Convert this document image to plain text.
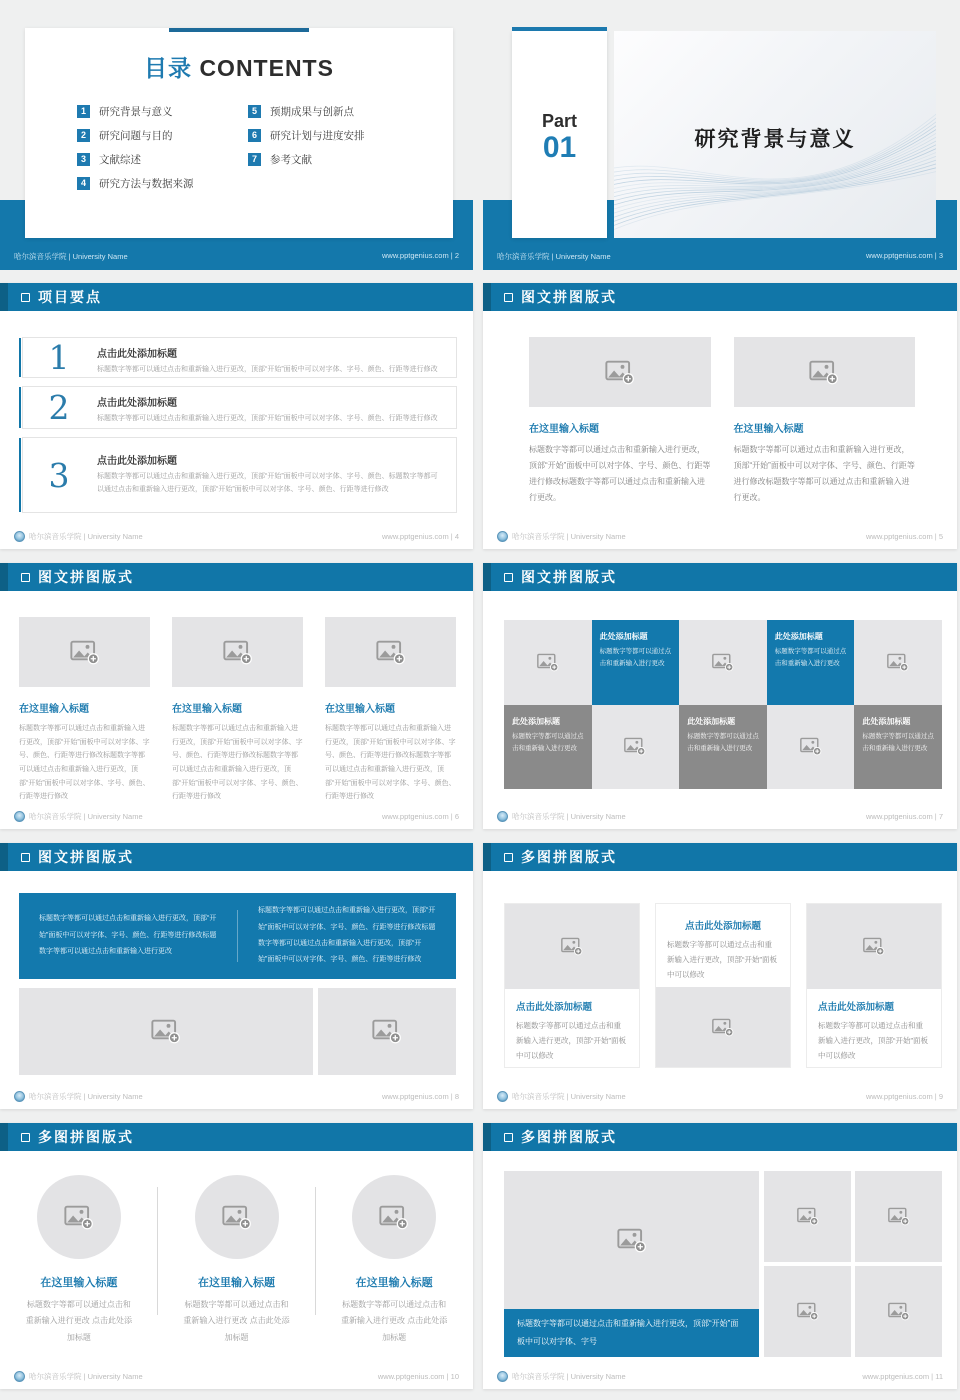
哈尔滨音乐学院 | University Name	www.pptgenius.com | 2
目录 CONTENTS
1	研究背景与意义
2	研究问题与目的
3	文献综述
4	研究方法与数据来源
5	预期成果与创新点
6	研究计划与进度安排
7	参考文献
哈尔滨音乐学院 | University Name	www.pptgenius.com | 3
Part
01	研究背景与意义
项目要点
1	点击此处添加标题
标题数字等都可以通过点击和重新输入进行更改，顶部“开始”面板中可以对字体、字号、颜色、行距等进行修改
2	点击此处添加标题
标题数字等都可以通过点击和重新输入进行更改，顶部“开始”面板中可以对字体、字号、颜色、行距等进行修改
3	点击此处添加标题
标题数字等都可以通过点击和重新输入进行更改，顶部“开始”面板中可以对字体、字号、颜色、标题数字等都可以通过点击和重新输入进行更改，顶部“开始”面板中可以对字体、字号、颜色、行距等进行修改
哈尔滨音乐学院 | University Name	www.pptgenius.com | 4
图文拼图版式
在这里输入标题
标题数字等都可以通过点击和重新输入进行更改，顶部“开始”面板中可以对字体、字号、颜色、行距等进行修改标题数字等都可以通过点击和重新输入进行更改。
在这里输入标题
标题数字等都可以通过点击和重新输入进行更改，顶部“开始”面板中可以对字体、字号、颜色、行距等进行修改标题数字等都可以通过点击和重新输入进行更改。
哈尔滨音乐学院 | University Name	www.pptgenius.com | 5
图文拼图版式
在这里输入标题
标题数字等都可以通过点击和重新输入进行更改，顶部“开始”面板中可以对字体、字号、颜色、行距等进行修改标题数字等都可以通过点击和重新输入进行更改，顶部“开始”面板中可以对字体、字号、颜色、行距等进行修改
在这里输入标题
标题数字等都可以通过点击和重新输入进行更改，顶部“开始”面板中可以对字体、字号、颜色、行距等进行修改标题数字等都可以通过点击和重新输入进行更改，顶部“开始”面板中可以对字体、字号、颜色、行距等进行修改
在这里输入标题
标题数字等都可以通过点击和重新输入进行更改，顶部“开始”面板中可以对字体、字号、颜色、行距等进行修改标题数字等都可以通过点击和重新输入进行更改，顶部“开始”面板中可以对字体、字号、颜色、行距等进行修改
哈尔滨音乐学院 | University Name	www.pptgenius.com | 6
图文拼图版式
此处添加标题
标题数字等都可以通过点击和重新输入进行更改
此处添加标题
标题数字等都可以通过点击和重新输入进行更改
此处添加标题
标题数字等都可以通过点击和重新输入进行更改
此处添加标题
标题数字等都可以通过点击和重新输入进行更改
此处添加标题
标题数字等都可以通过点击和重新输入进行更改
哈尔滨音乐学院 | University Name	www.pptgenius.com | 7
图文拼图版式
标题数字等都可以通过点击和重新输入进行更改，顶部“开始”面板中可以对字体、字号、颜色、行距等进行修改标题数字等都可以通过点击和重新输入进行更改
标题数字等都可以通过点击和重新输入进行更改，顶部“开始”面板中可以对字体、字号、颜色、行距等进行修改标题数字等都可以通过点击和重新输入进行更改，顶部“开始”面板中可以对字体、字号、颜色、行距等进行修改
哈尔滨音乐学院 | University Name	www.pptgenius.com | 8
多图拼图版式
点击此处添加标题
标题数字等都可以通过点击和重新输入进行更改，顶部“开始”面板中可以修改
点击此处添加标题
标题数字等都可以通过点击和重新输入进行更改，顶部“开始”面板中可以修改
点击此处添加标题
标题数字等都可以通过点击和重新输入进行更改，顶部“开始”面板中可以修改
哈尔滨音乐学院 | University Name	www.pptgenius.com | 9
多图拼图版式
在这里输入标题
标题数字等都可以通过点击和重新输入进行更改 点击此处添加标题
在这里输入标题
标题数字等都可以通过点击和重新输入进行更改 点击此处添加标题
在这里输入标题
标题数字等都可以通过点击和重新输入进行更改 点击此处添加标题
哈尔滨音乐学院 | University Name	www.pptgenius.com | 10
多图拼图版式
标题数字等都可以通过点击和重新输入进行更改，顶部“开始”面板中可以对字体、字号
哈尔滨音乐学院 | University Name	www.pptgenius.com | 11
